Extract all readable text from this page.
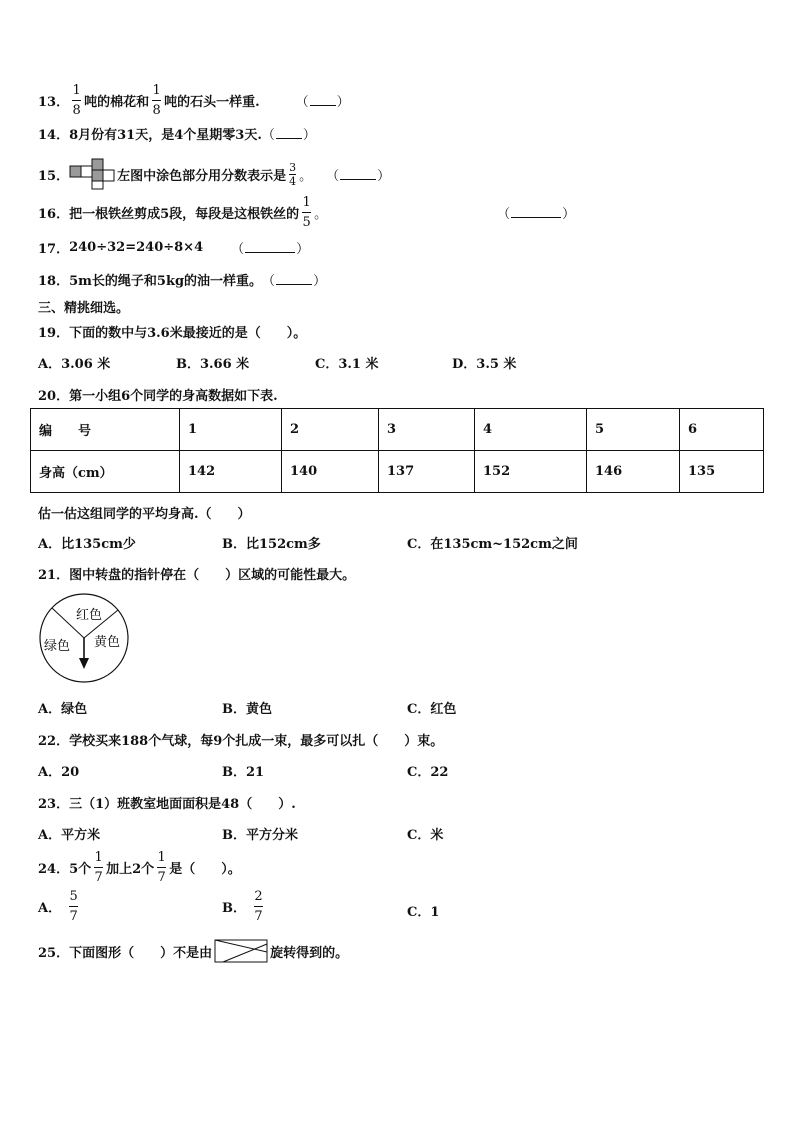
13． $\frac{1}{8}$ 吨的棉花和 $\frac{1}{8}$ 吨的石头一样重.	（ ）
14． 8月份有31天，是4个星期零3天. （ ）
15．	左图中涂色部分用分数表示是 $\frac{3}{4}$ 。 （	）
16． 把一根铁丝剪成5段，每段是这根铁丝的 $\frac{1}{5}$ 。	（	）
17． 240÷32=240÷8×4 （	）
18． 5m长的绳子和5kg的油一样重。 （	）
三、精挑细选。
19． 下面的数中与3.6米最接近的是（　　）。
A．3.06 米	B．3.66 米	C．3.1 米	D．3.5 米
20． 第一小组6个同学的身高数据如下表.
编　　号	1	2	3	4	5	6
身高（cm）	142	140	137	152	146	135
估一估这组同学的平均身高.（　　）
A．比135cm少	B．比152cm多	C．在135cm~152cm之间
21． 图中转盘的指针停在（　　）区域的可能性最大。
红色
绿色 黄色
A．绿色	B．黄色	C．红色
22． 学校买来188个气球，每9个扎成一束，最多可以扎（　　）束。
A．20	B．21	C．22
23． 三（1）班教室地面面积是48（　　）.
A．平方米	B．平方分米	C．米
24． 5个 $\frac{1}{7}$ 加上2个 $\frac{1}{7}$ 是（　　）。
A． $\frac{5}{7}$	B． $\frac{2}{7}$	C．1
25． 下面图形（　　）不是由	旋转得到的。
